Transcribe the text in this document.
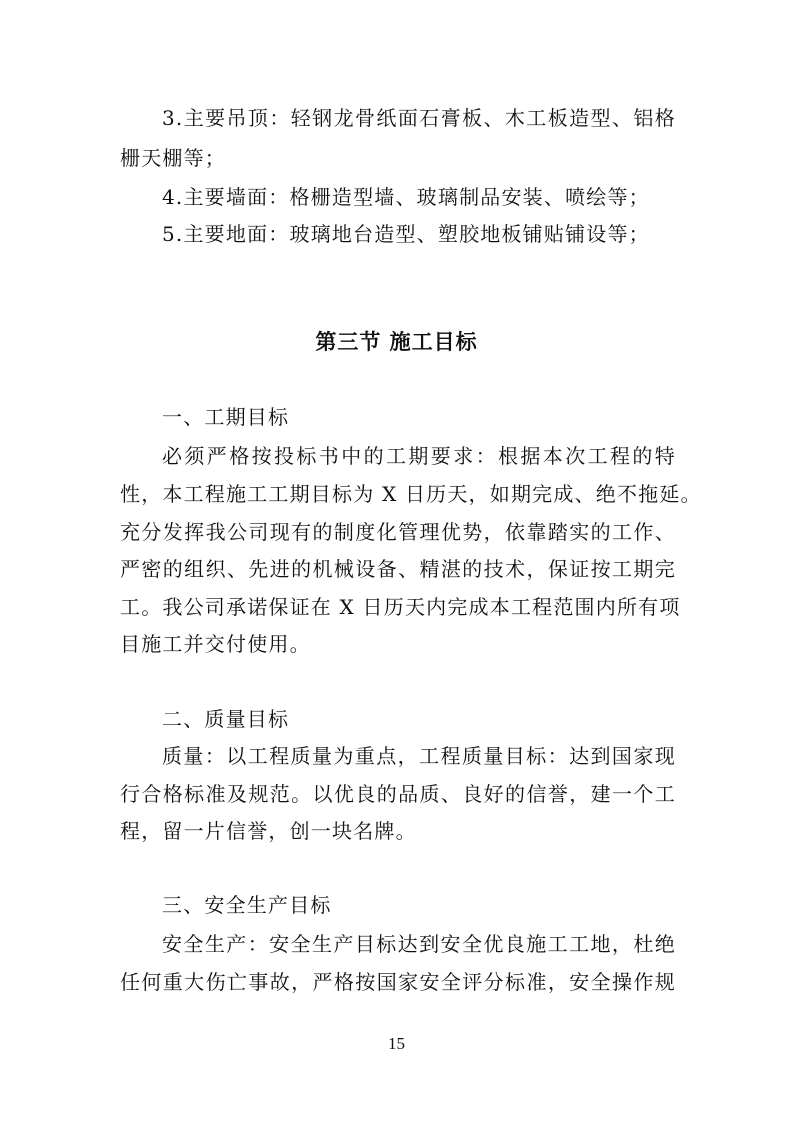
3.主要吊顶：轻钢龙骨纸面石膏板、木工板造型、铝格
栅天棚等；
4.主要墙面：格栅造型墙、玻璃制品安装、喷绘等；
5.主要地面：玻璃地台造型、塑胶地板铺贴铺设等；
第三节 施工目标
一、工期目标
必须严格按投标书中的工期要求：根据本次工程的特
性，本工程施工工期目标为 X 日历天，如期完成、绝不拖延。
充分发挥我公司现有的制度化管理优势，依靠踏实的工作、
严密的组织、先进的机械设备、精湛的技术，保证按工期完
工。我公司承诺保证在 X 日历天内完成本工程范围内所有项
目施工并交付使用。
二、质量目标
质量：以工程质量为重点，工程质量目标：达到国家现
行合格标准及规范。以优良的品质、良好的信誉，建一个工
程，留一片信誉，创一块名牌。
三、安全生产目标
安全生产：安全生产目标达到安全优良施工工地，杜绝
任何重大伤亡事故，严格按国家安全评分标准，安全操作规
15
